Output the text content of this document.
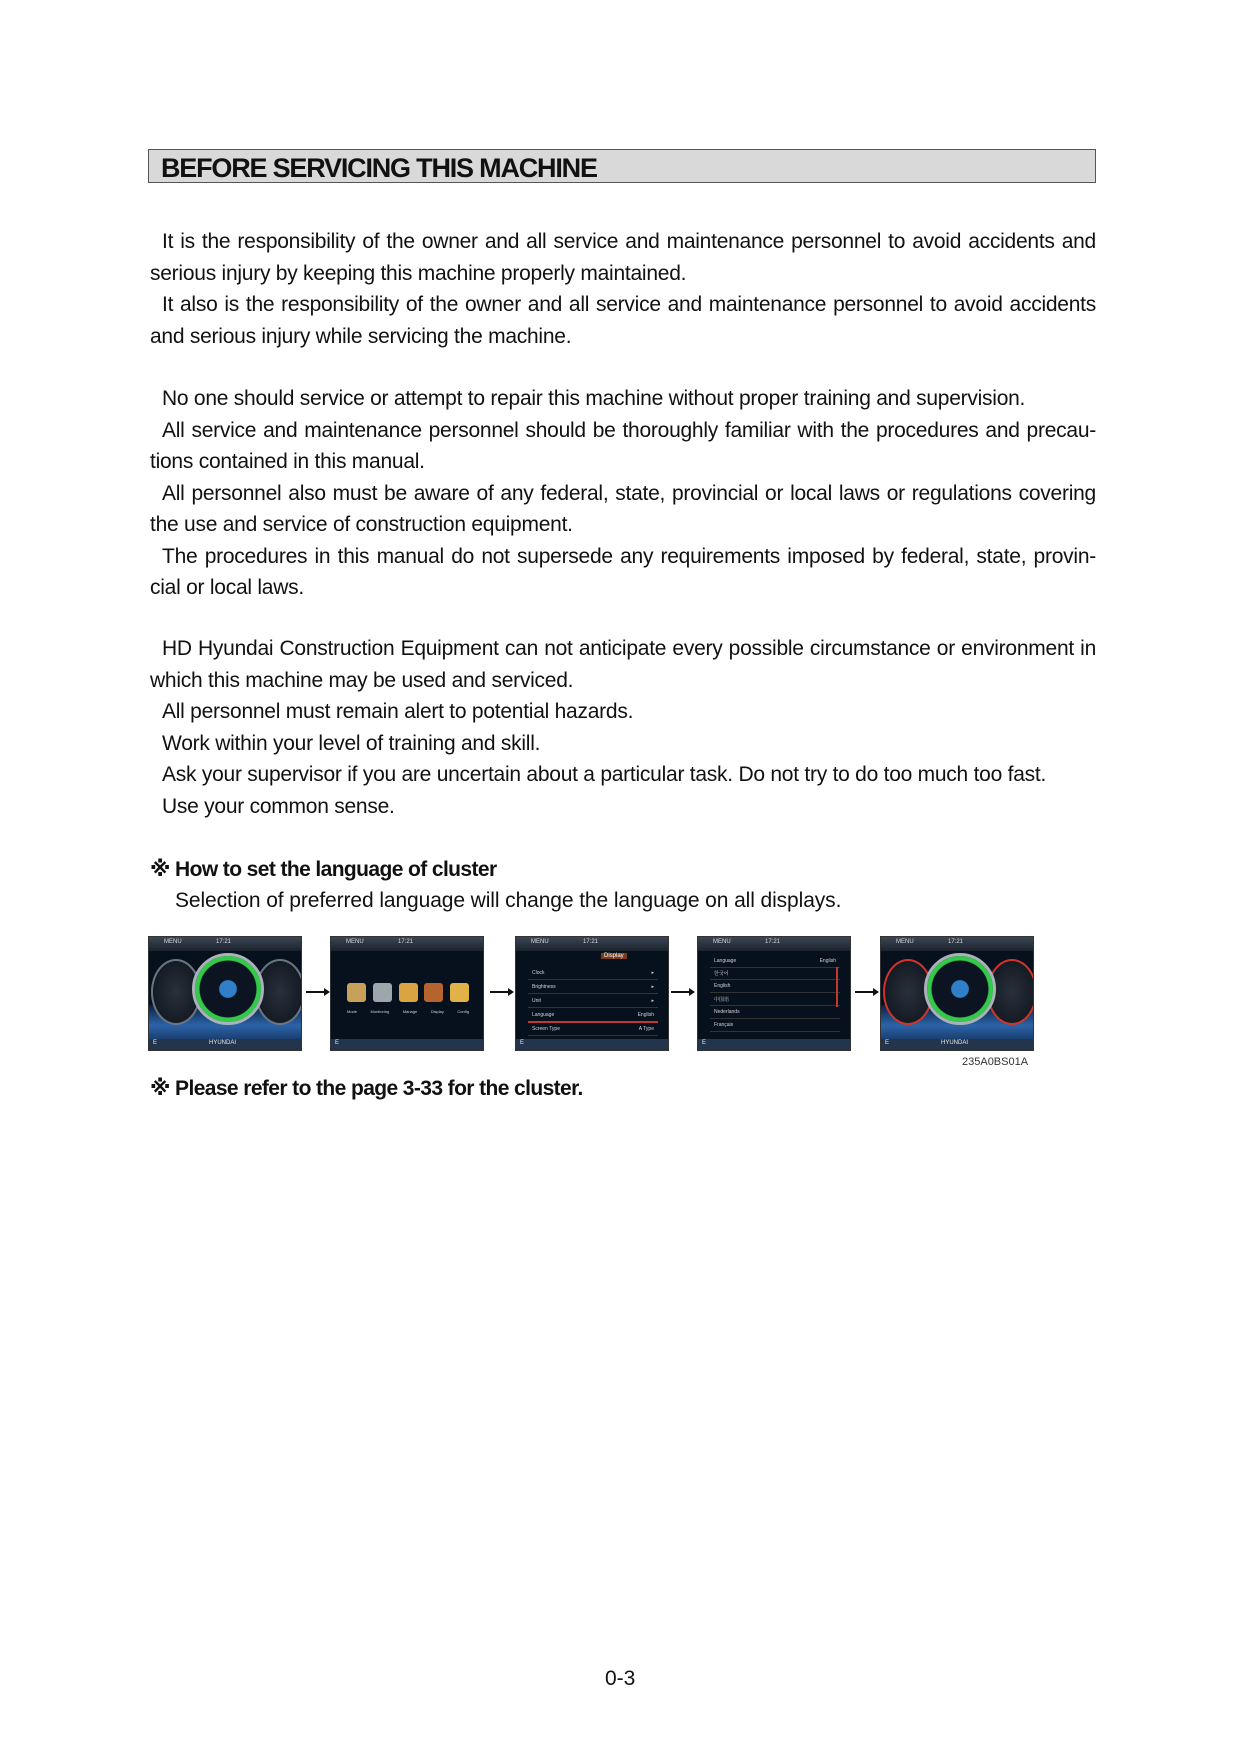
BEFORE SERVICING THIS MACHINE

It is the responsibility of the owner and all service and maintenance personnel to avoid accidents and serious injury by keeping this machine properly maintained.

It also is the responsibility of the owner and all service and maintenance personnel to avoid accidents and serious injury while servicing the machine.

No one should service or attempt to repair this machine without proper training and supervision.

All service and maintenance personnel should be thoroughly familiar with the procedures and precau-tions contained in this manual.

All personnel also must be aware of any federal, state, provincial or local laws or regulations covering the use and service of construction equipment.

The procedures in this manual do not supersede any requirements imposed by federal, state, provin-cial or local laws.

HD Hyundai Construction Equipment can not anticipate every possible circumstance or environment in which this machine may be used and serviced.

All personnel must remain alert to potential hazards.

Work within your level of training and skill.

Ask your supervisor if you are uncertain about a particular task. Do not try to do too much too fast.

Use your common sense.

※ How to set the language of cluster
Selection of preferred language will change the language on all displays.
MENU	17:21
E	HYUNDAI
MENU	17:21
Mode	Monitoring	Manage	Display	Config
E
MENU	17:21
Display
Clock	▸
Brightness	▸
Unit	▸
Language	English
Screen Type	A Type
E
MENU	17:21
Language	English
한국어
English
中国语
Nederlands
Français
E
MENU	17:21
E	HYUNDAI
235A0BS01A
※ Please refer to the page 3-33 for the cluster.
0-3
